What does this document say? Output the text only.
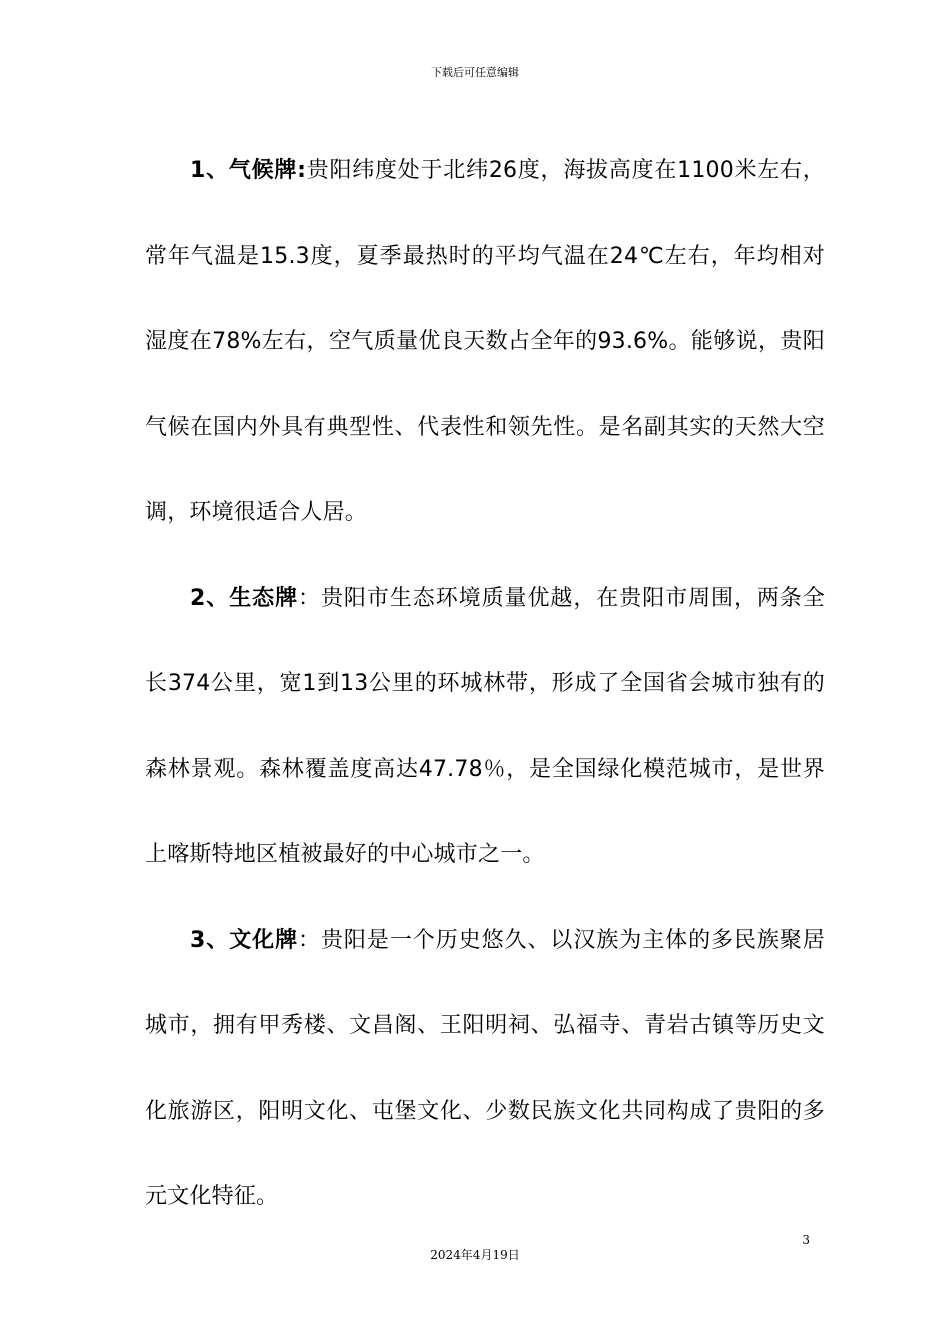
下载后可任意编辑

1、气候牌:贵阳纬度处于北纬26度，海拔高度在1100米左右，常年气温是15.3度，夏季最热时的平均气温在24℃左右，年均相对湿度在78%左右，空气质量优良天数占全年的93.6%。能够说，贵阳气候在国内外具有典型性、代表性和领先性。是名副其实的天然大空调，环境很适合人居。

2、生态牌：贵阳市生态环境质量优越，在贵阳市周围，两条全长374公里，宽1到13公里的环城林带，形成了全国省会城市独有的森林景观。森林覆盖度高达47.78％，是全国绿化模范城市，是世界上喀斯特地区植被最好的中心城市之一。

3、文化牌：贵阳是一个历史悠久、以汉族为主体的多民族聚居城市，拥有甲秀楼、文昌阁、王阳明祠、弘福寺、青岩古镇等历史文化旅游区，阳明文化、屯堡文化、少数民族文化共同构成了贵阳的多元文化特征。

3
2024年4月19日
